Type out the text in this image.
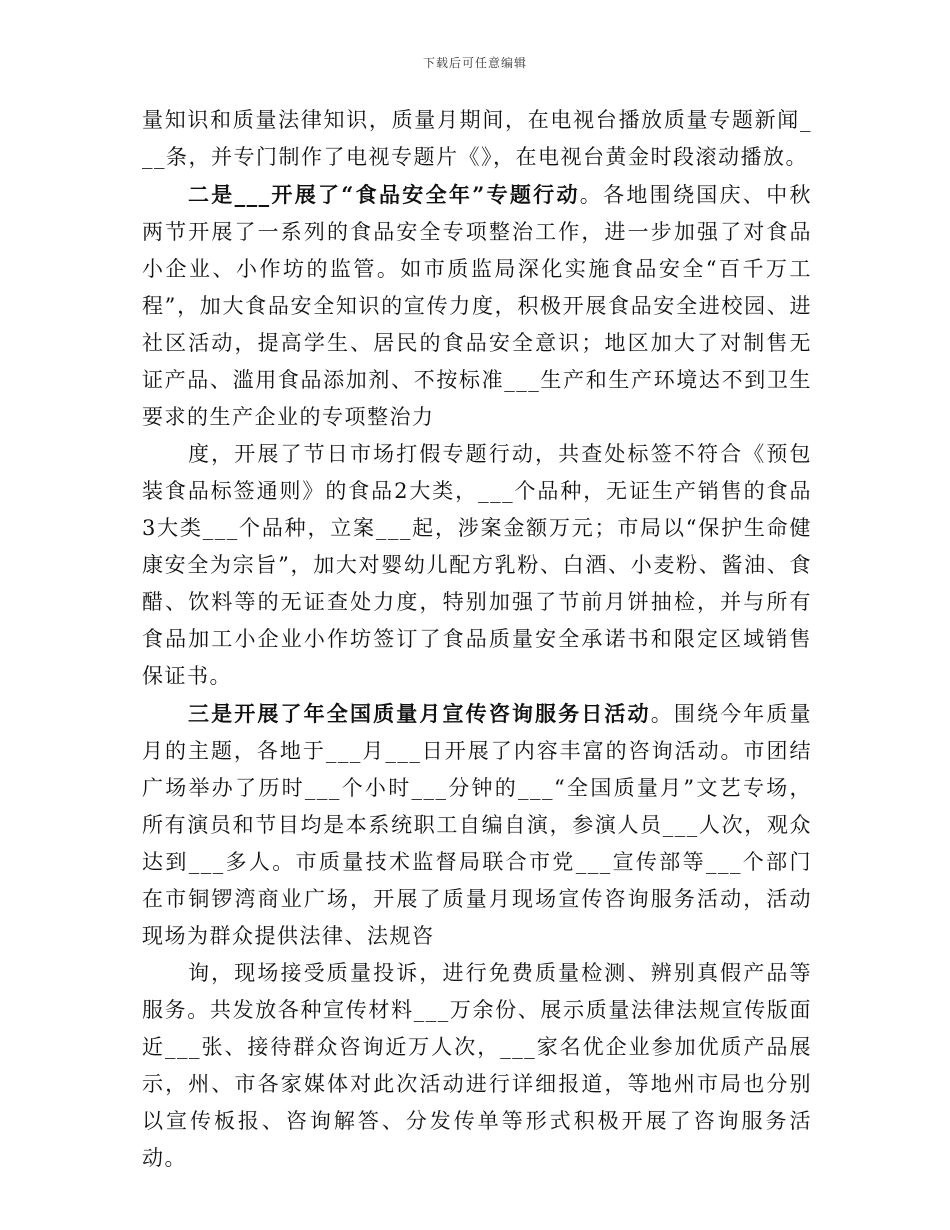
下载后可任意编辑

量知识和质量法律知识，质量月期间，在电视台播放质量专题新闻___条，并专门制作了电视专题片《》，在电视台黄金时段滚动播放。

二是___开展了“食品安全年”专题行动。各地围绕国庆、中秋两节开展了一系列的食品安全专项整治工作，进一步加强了对食品小企业、小作坊的监管。如市质监局深化实施食品安全“百千万工程”，加大食品安全知识的宣传力度，积极开展食品安全进校园、进社区活动，提高学生、居民的食品安全意识；地区加大了对制售无证产品、滥用食品添加剂、不按标准___生产和生产环境达不到卫生要求的生产企业的专项整治力

度，开展了节日市场打假专题行动，共查处标签不符合《预包装食品标签通则》的食品2大类，___个品种，无证生产销售的食品3大类___个品种，立案___起，涉案金额万元；市局以“保护生命健康安全为宗旨”，加大对婴幼儿配方乳粉、白酒、小麦粉、酱油、食醋、饮料等的无证查处力度，特别加强了节前月饼抽检，并与所有食品加工小企业小作坊签订了食品质量安全承诺书和限定区域销售保证书。

三是开展了年全国质量月宣传咨询服务日活动。围绕今年质量月的主题，各地于___月___日开展了内容丰富的咨询活动。市团结广场举办了历时___个小时___分钟的___“全国质量月”文艺专场，所有演员和节目均是本系统职工自编自演，参演人员___人次，观众达到___多人。市质量技术监督局联合市党___宣传部等___个部门在市铜锣湾商业广场，开展了质量月现场宣传咨询服务活动，活动现场为群众提供法律、法规咨

询，现场接受质量投诉，进行免费质量检测、辨别真假产品等服务。共发放各种宣传材料___万余份、展示质量法律法规宣传版面近___张、接待群众咨询近万人次，___家名优企业参加优质产品展示，州、市各家媒体对此次活动进行详细报道，等地州市局也分别以宣传板报、咨询解答、分发传单等形式积极开展了咨询服务活动。
